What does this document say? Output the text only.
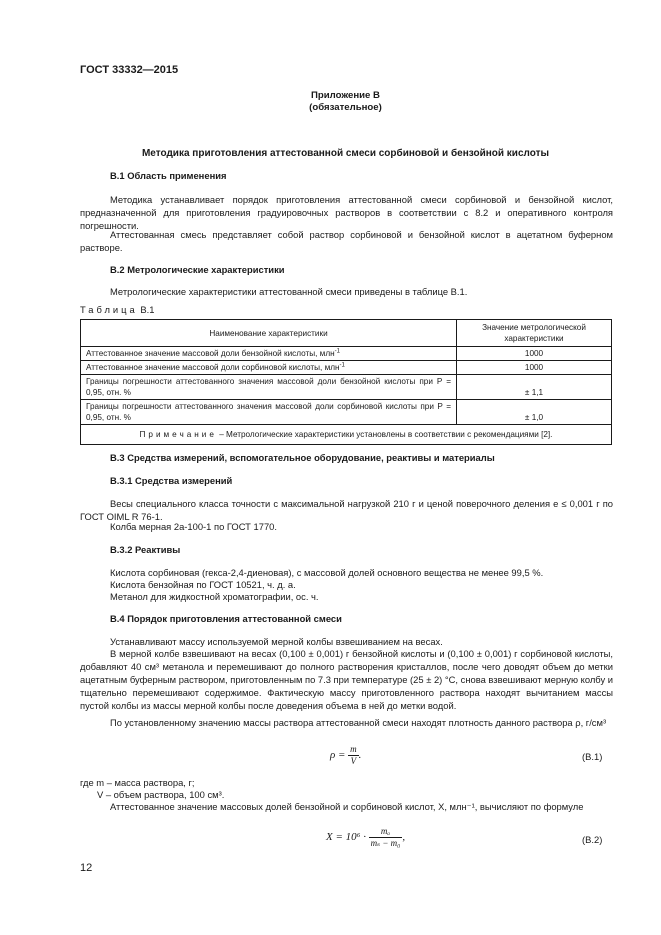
ГОСТ 33332—2015
Приложение В
(обязательное)
Методика приготовления аттестованной смеси сорбиновой и бензойной кислоты
В.1 Область применения
Методика устанавливает порядок приготовления аттестованной смеси сорбиновой и бензойной кислот, предназначенной для приготовления градуировочных растворов в соответствии с 8.2 и оперативного контроля погрешности.
Аттестованная смесь представляет собой раствор сорбиновой и бензойной кислот в ацетатном буферном растворе.
В.2 Метрологические характеристики
Метрологические характеристики аттестованной смеси приведены в таблице В.1.
Таблица В.1
Наименование характеристики	Значение метрологической характеристики
Аттестованное значение массовой доли бензойной кислоты, млн$^{-1}$	1000
Аттестованное значение массовой доли сорбиновой кислоты, млн$^{-1}$	1000
Границы погрешности аттестованного значения массовой доли бензойной кислоты при P = 0,95, отн. %	± 1,1
Границы погрешности аттестованного значения массовой доли сорбиновой кислоты при P = 0,95, отн. %	± 1,0
Примечание – Метрологические характеристики установлены в соответствии с рекомендациями [2].	
В.3 Средства измерений, вспомогательное оборудование, реактивы и материалы
В.3.1 Средства измерений
Весы специального класса точности с максимальной нагрузкой 210 г и ценой поверочного деления e ≤ 0,001 г по ГОСТ OIML R 76-1.
Колба мерная 2а-100-1 по ГОСТ 1770.
В.3.2 Реактивы
Кислота сорбиновая (гекса-2,4-диеновая), с массовой долей основного вещества не менее 99,5 %.
Кислота бензойная по ГОСТ 10521, ч. д. а.
Метанол для жидкостной хроматографии, ос. ч.
В.4 Порядок приготовления аттестованной смеси
Устанавливают массу используемой мерной колбы взвешиванием на весах.
В мерной колбе взвешивают на весах (0,100 ± 0,001) г бензойной кислоты и (0,100 ± 0,001) г сорбиновой кислоты, добавляют 40 см³ метанола и перемешивают до полного растворения кристаллов, после чего доводят объем до метки ацетатным буферным раствором, приготовленным по 7.3 при температуре (25 ± 2) °С, снова взвешивают мерную колбу и тщательно перемешивают содержимое. Фактическую массу приготовленного раствора находят вычитанием массы пустой колбы из массы мерной колбы после доведения объема в ней до метки водой.
По установленному значению массы раствора аттестованной смеси находят плотность данного раствора ρ, г/см³
$\rho = \frac{m}{V}$ .	(В.1)
где m – масса раствора, г;
V – объем раствора, 100 см³.
Аттестованное значение массовых долей бензойной и сорбиновой кислот, X, млн⁻¹, вычисляют по формуле
$X = 10^6 \cdot \frac{\text{mₐ}}{\text{mₛ − m₀}}$ ,	(В.2)
12
